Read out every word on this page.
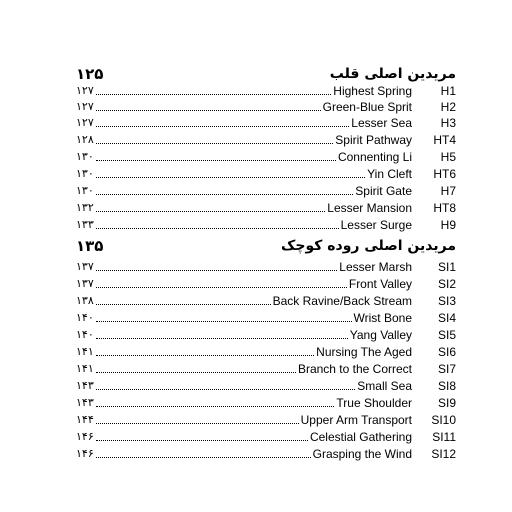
۱۲۵	مریدین اصلی قلب
۱۲۷	Highest Spring	H1
۱۲۷	Green-Blue Sprit	H2
۱۲۷	Lesser Sea	H3
۱۲۸	Spirit Pathway	HT4
۱۳۰	Connenting Li	H5
۱۳۰	Yin Cleft	HT6
۱۳۰	Spirit Gate	H7
۱۳۲	Lesser Mansion	HT8
۱۳۳	Lesser Surge	H9
۱۳۵	مریدین اصلی روده کوچک
۱۳۷	Lesser Marsh	SI1
۱۳۷	Front Valley	SI2
۱۳۸	Back Ravine/Back Stream	SI3
۱۴۰	Wrist Bone	SI4
۱۴۰	Yang Valley	SI5
۱۴۱	Nursing The Aged	SI6
۱۴۱	Branch to the Correct	SI7
۱۴۳	Small Sea	SI8
۱۴۳	True Shoulder	SI9
۱۴۴	Upper Arm Transport	SI10
۱۴۶	Celestial Gathering	SI11
۱۴۶	Grasping the Wind	SI12
